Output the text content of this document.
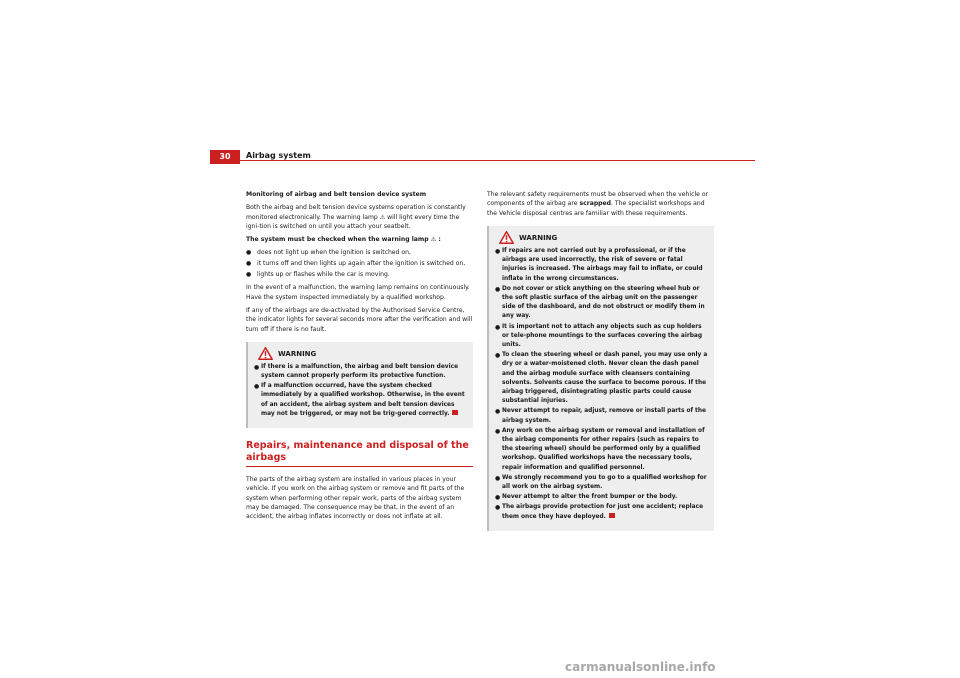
30	Airbag system

Monitoring of airbag and belt tension device system

Both the airbag and belt tension device systems operation is constantly monitored electronically. The warning lamp ⚠ will light every time the igni-tion is switched on until you attach your seatbelt.

The system must be checked when the warning lamp ⚠ :

● does not light up when the ignition is switched on,
● it turns off and then lights up again after the ignition is switched on,
● lights up or flashes while the car is moving.

In the event of a malfunction, the warning lamp remains on continuously. Have the system inspected immediately by a qualified workshop.

If any of the airbags are de-activated by the Authorised Service Centre, the indicator lights for several seconds more after the verification and will turn off if there is no fault.

WARNING
● If there is a malfunction, the airbag and belt tension device system cannot properly perform its protective function.
● If a malfunction occurred, have the system checked immediately by a qualified workshop. Otherwise, in the event of an accident, the airbag system and belt tension devices may not be triggered, or may not be trig-gered correctly.
Repairs, maintenance and disposal of the airbags

The parts of the airbag system are installed in various places in your vehicle. If you work on the airbag system or remove and fit parts of the system when performing other repair work, parts of the airbag system may be damaged. The consequence may be that, in the event of an accident, the airbag inflates incorrectly or does not inflate at all.

The relevant safety requirements must be observed when the vehicle or components of the airbag are scrapped. The specialist workshops and the Vehicle disposal centres are familiar with these requirements.

WARNING
● If repairs are not carried out by a professional, or if the airbags are used incorrectly, the risk of severe or fatal injuries is increased. The airbags may fail to inflate, or could inflate in the wrong circumstances.
● Do not cover or stick anything on the steering wheel hub or the soft plastic surface of the airbag unit on the passenger side of the dashboard, and do not obstruct or modify them in any way.
● It is important not to attach any objects such as cup holders or tele-phone mountings to the surfaces covering the airbag units.
● To clean the steering wheel or dash panel, you may use only a dry or a water-moistened cloth. Never clean the dash panel and the airbag module surface with cleansers containing solvents. Solvents cause the surface to become porous. If the airbag triggered, disintegrating plastic parts could cause substantial injuries.
● Never attempt to repair, adjust, remove or install parts of the airbag system.
● Any work on the airbag system or removal and installation of the airbag components for other repairs (such as repairs to the steering wheel) should be performed only by a qualified workshop. Qualified workshops have the necessary tools, repair information and qualified personnel.
● We strongly recommend you to go to a qualified workshop for all work on the airbag system.
● Never attempt to alter the front bumper or the body.
● The airbags provide protection for just one accident; replace them once they have deployed.
carmanualsonline.info
